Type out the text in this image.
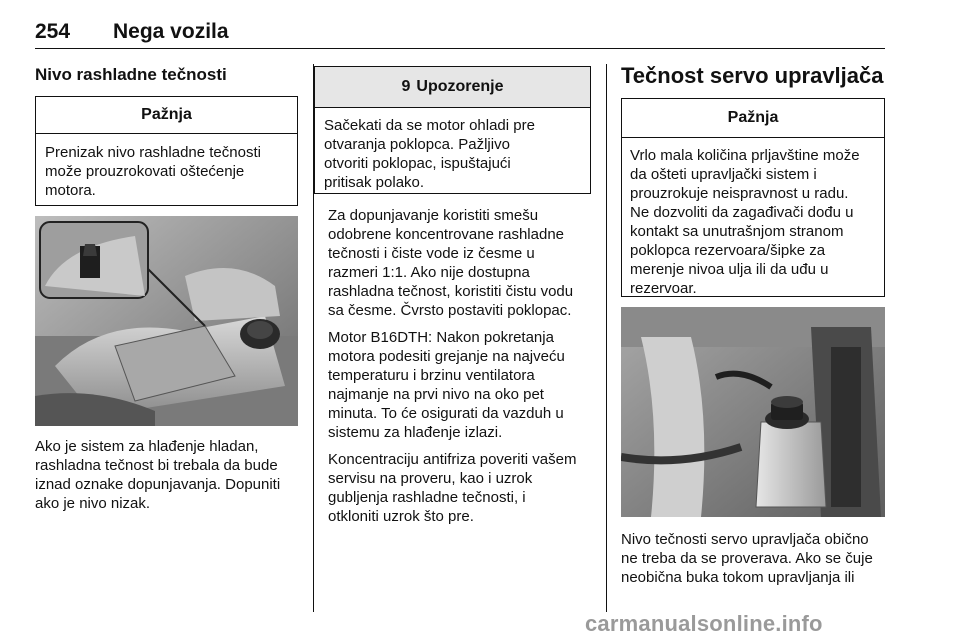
254 Nega vozila
Nivo rashladne tečnosti
Pažnja
Prenizak nivo rashladne tečnosti
može prouzrokovati oštećenje
motora.
Ako je sistem za hlađenje hladan,
rashladna tečnost bi trebala da bude
iznad oznake dopunjavanja. Dopuniti
ako je nivo nizak.
9 Upozorenje
Sačekati da se motor ohladi pre
otvaranja poklopca. Pažljivo
otvoriti poklopac, ispuštajući
pritisak polako.

Za dopunjavanje koristiti smešu
odobrene koncentrovane rashladne
tečnosti i čiste vode iz česme u
razmeri 1:1. Ako nije dostupna
rashladna tečnost, koristiti čistu vodu
sa česme. Čvrsto postaviti poklopac.

Motor B16DTH: Nakon pokretanja
motora podesiti grejanje na najveću
temperaturu i brzinu ventilatora
najmanje na prvi nivo na oko pet
minuta. To će osigurati da vazduh u
sistemu za hlađenje izlazi.

Koncentraciju antifriza poveriti vašem
servisu na proveru, kao i uzrok
gubljenja rashladne tečnosti, i
otkloniti uzrok što pre.

Tečnost servo upravljača
Pažnja
Vrlo mala količina prljavštine može
da ošteti upravljački sistem i
prouzrokuje neispravnost u radu.
Ne dozvoliti da zagađivači dođu u
kontakt sa unutrašnjom stranom
poklopca rezervoara/šipke za
merenje nivoa ulja ili da uđu u
rezervoar.
Nivo tečnosti servo upravljača obično
ne treba da se proverava. Ako se čuje
neobična buka tokom upravljanja ili
carmanualsonline.info
